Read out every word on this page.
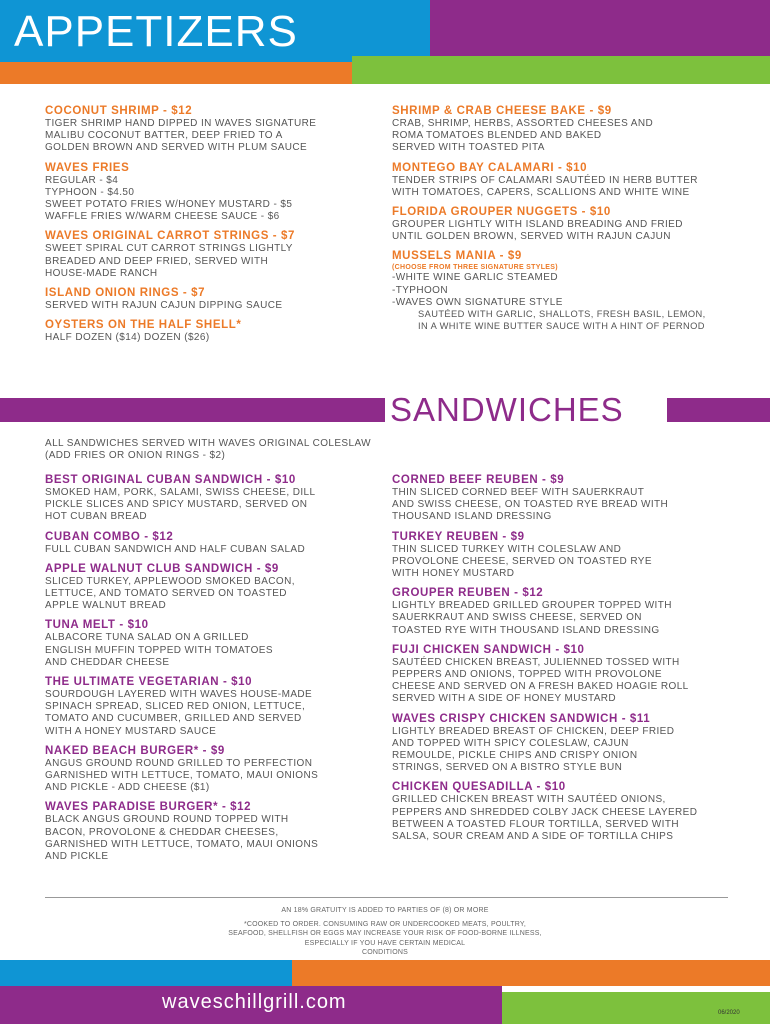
APPETIZERS
COCONUT SHRIMP - $12
TIGER SHRIMP HAND DIPPED IN WAVES SIGNATURE
MALIBU COCONUT BATTER, DEEP FRIED TO A
GOLDEN BROWN AND SERVED WITH PLUM SAUCE
WAVES FRIES
REGULAR - $4
TYPHOON - $4.50
SWEET POTATO FRIES W/HONEY MUSTARD - $5
WAFFLE FRIES W/WARM CHEESE SAUCE - $6
WAVES ORIGINAL CARROT STRINGS - $7
SWEET SPIRAL CUT CARROT STRINGS LIGHTLY
BREADED AND DEEP FRIED, SERVED WITH
HOUSE-MADE RANCH
ISLAND ONION RINGS - $7
SERVED WITH RAJUN CAJUN DIPPING SAUCE
OYSTERS ON THE HALF SHELL*
HALF DOZEN ($14) DOZEN ($26)
SHRIMP & CRAB CHEESE BAKE - $9
CRAB, SHRIMP, HERBS, ASSORTED CHEESES AND
ROMA TOMATOES BLENDED AND BAKED
SERVED WITH TOASTED PITA
MONTEGO BAY CALAMARI - $10
TENDER STRIPS OF CALAMARI SAUTÉED IN HERB BUTTER
WITH TOMATOES, CAPERS, SCALLIONS AND WHITE WINE
FLORIDA GROUPER NUGGETS - $10
GROUPER LIGHTLY WITH ISLAND BREADING AND FRIED
UNTIL GOLDEN BROWN, SERVED WITH RAJUN CAJUN
MUSSELS MANIA - $9
(CHOOSE FROM THREE SIGNATURE STYLES)
-WHITE WINE GARLIC STEAMED
-TYPHOON
-WAVES OWN SIGNATURE STYLE
SAUTÉED WITH GARLIC, SHALLOTS, FRESH BASIL, LEMON,
IN A WHITE WINE BUTTER SAUCE WITH A HINT OF PERNOD
SANDWICHES
ALL SANDWICHES SERVED WITH WAVES ORIGINAL COLESLAW
(ADD FRIES OR ONION RINGS - $2)
BEST ORIGINAL CUBAN SANDWICH - $10
SMOKED HAM, PORK, SALAMI, SWISS CHEESE, DILL
PICKLE SLICES AND SPICY MUSTARD, SERVED ON
HOT CUBAN BREAD
CUBAN COMBO - $12
FULL CUBAN SANDWICH AND HALF CUBAN SALAD
APPLE WALNUT CLUB SANDWICH - $9
SLICED TURKEY, APPLEWOOD SMOKED BACON,
LETTUCE, AND TOMATO SERVED ON TOASTED
APPLE WALNUT BREAD
TUNA MELT - $10
ALBACORE TUNA SALAD ON A GRILLED
ENGLISH MUFFIN TOPPED WITH TOMATOES
AND CHEDDAR CHEESE
THE ULTIMATE VEGETARIAN - $10
SOURDOUGH LAYERED WITH WAVES HOUSE-MADE
SPINACH SPREAD, SLICED RED ONION, LETTUCE,
TOMATO AND CUCUMBER, GRILLED AND SERVED
WITH A HONEY MUSTARD SAUCE
NAKED BEACH BURGER* - $9
ANGUS GROUND ROUND GRILLED TO PERFECTION
GARNISHED WITH LETTUCE, TOMATO, MAUI ONIONS
AND PICKLE - ADD CHEESE ($1)
WAVES PARADISE BURGER* - $12
BLACK ANGUS GROUND ROUND TOPPED WITH
BACON, PROVOLONE & CHEDDAR CHEESES,
GARNISHED WITH LETTUCE, TOMATO, MAUI ONIONS
AND PICKLE
CORNED BEEF REUBEN - $9
THIN SLICED CORNED BEEF WITH SAUERKRAUT
AND SWISS CHEESE, ON TOASTED RYE BREAD WITH
THOUSAND ISLAND DRESSING
TURKEY REUBEN - $9
THIN SLICED TURKEY WITH COLESLAW AND
PROVOLONE CHEESE, SERVED ON TOASTED RYE
WITH HONEY MUSTARD
GROUPER REUBEN - $12
LIGHTLY BREADED GRILLED GROUPER TOPPED WITH
SAUERKRAUT AND SWISS CHEESE, SERVED ON
TOASTED RYE WITH THOUSAND ISLAND DRESSING
FUJI CHICKEN SANDWICH - $10
SAUTÉED CHICKEN BREAST, JULIENNED TOSSED WITH
PEPPERS AND ONIONS, TOPPED WITH PROVOLONE
CHEESE AND SERVED ON A FRESH BAKED HOAGIE ROLL
SERVED WITH A SIDE OF HONEY MUSTARD
WAVES CRISPY CHICKEN SANDWICH - $11
LIGHTLY BREADED BREAST OF CHICKEN, DEEP FRIED
AND TOPPED WITH SPICY COLESLAW, CAJUN
REMOULDE, PICKLE CHIPS AND CRISPY ONION
STRINGS, SERVED ON A BISTRO STYLE BUN
CHICKEN QUESADILLA - $10
GRILLED CHICKEN BREAST WITH SAUTÉED ONIONS,
PEPPERS AND SHREDDED COLBY JACK CHEESE LAYERED
BETWEEN A TOASTED FLOUR TORTILLA, SERVED WITH
SALSA, SOUR CREAM AND A SIDE OF TORTILLA CHIPS
AN 18% GRATUITY IS ADDED TO PARTIES OF (8) OR MORE
*COOKED TO ORDER. CONSUMING RAW OR UNDERCOOKED MEATS, POULTRY,
SEAFOOD, SHELLFISH OR EGGS MAY INCREASE YOUR RISK OF FOOD-BORNE ILLNESS,
ESPECIALLY IF YOU HAVE CERTAIN MEDICAL
CONDITIONS
waveschillgrill.com	06/2020
